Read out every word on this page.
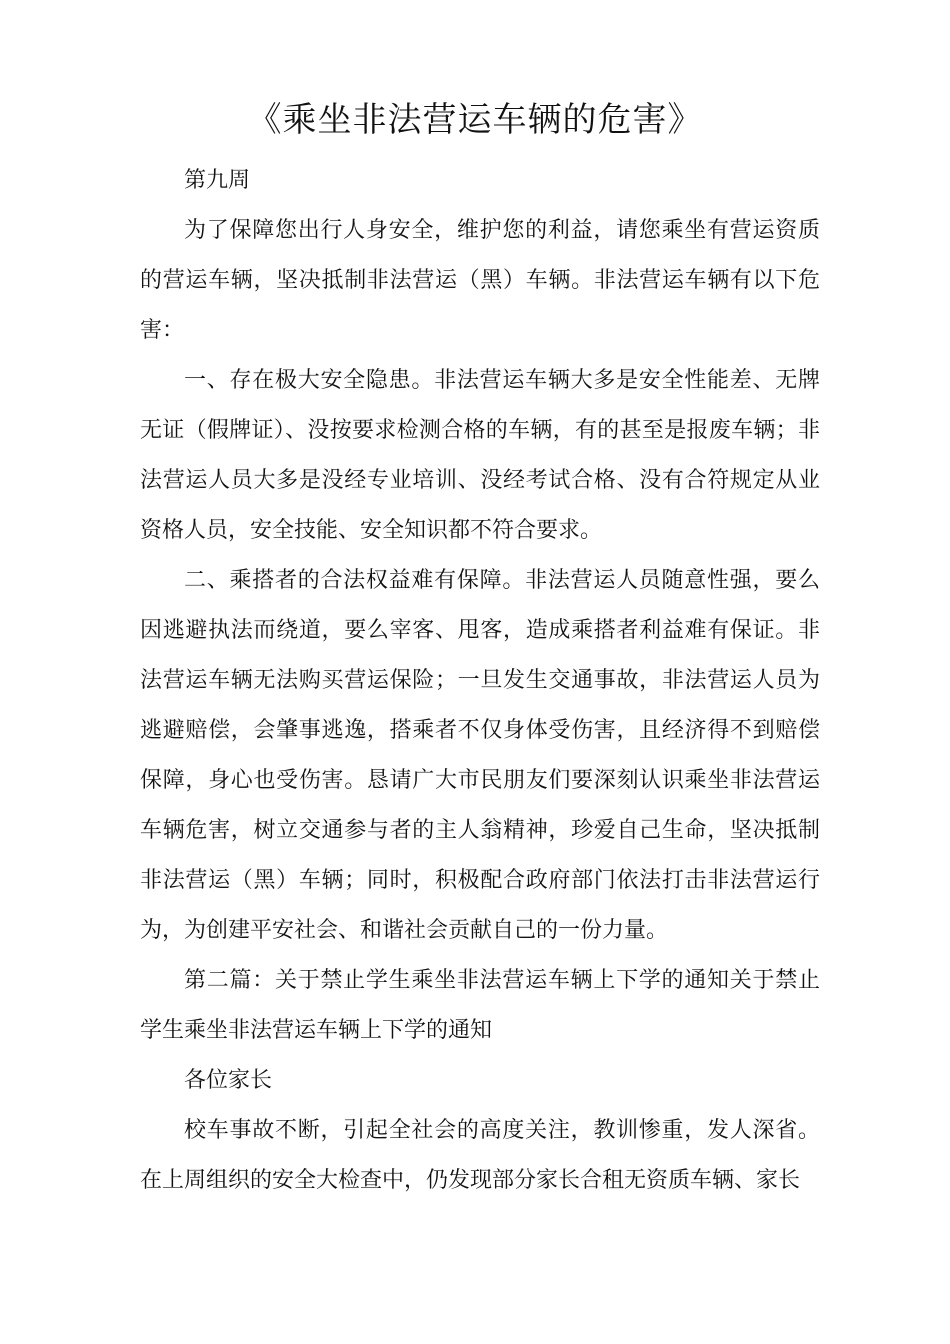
《乘坐非法营运车辆的危害》

第九周

为了保障您出行人身安全，维护您的利益，请您乘坐有营运资质的营运车辆，坚决抵制非法营运（黑）车辆。非法营运车辆有以下危害：

一、存在极大安全隐患。非法营运车辆大多是安全性能差、无牌无证（假牌证）、没按要求检测合格的车辆，有的甚至是报废车辆；非法营运人员大多是没经专业培训、没经考试合格、没有合符规定从业资格人员，安全技能、安全知识都不符合要求。

二、乘搭者的合法权益难有保障。非法营运人员随意性强，要么因逃避执法而绕道，要么宰客、甩客，造成乘搭者利益难有保证。非法营运车辆无法购买营运保险；一旦发生交通事故，非法营运人员为逃避赔偿，会肇事逃逸，搭乘者不仅身体受伤害，且经济得不到赔偿保障，身心也受伤害。恳请广大市民朋友们要深刻认识乘坐非法营运车辆危害，树立交通参与者的主人翁精神，珍爱自己生命，坚决抵制非法营运（黑）车辆；同时，积极配合政府部门依法打击非法营运行为，为创建平安社会、和谐社会贡献自己的一份力量。

第二篇：关于禁止学生乘坐非法营运车辆上下学的通知关于禁止学生乘坐非法营运车辆上下学的通知

各位家长

校车事故不断，引起全社会的高度关注，教训惨重，发人深省。在上周组织的安全大检查中，仍发现部分家长合租无资质车辆、家长
